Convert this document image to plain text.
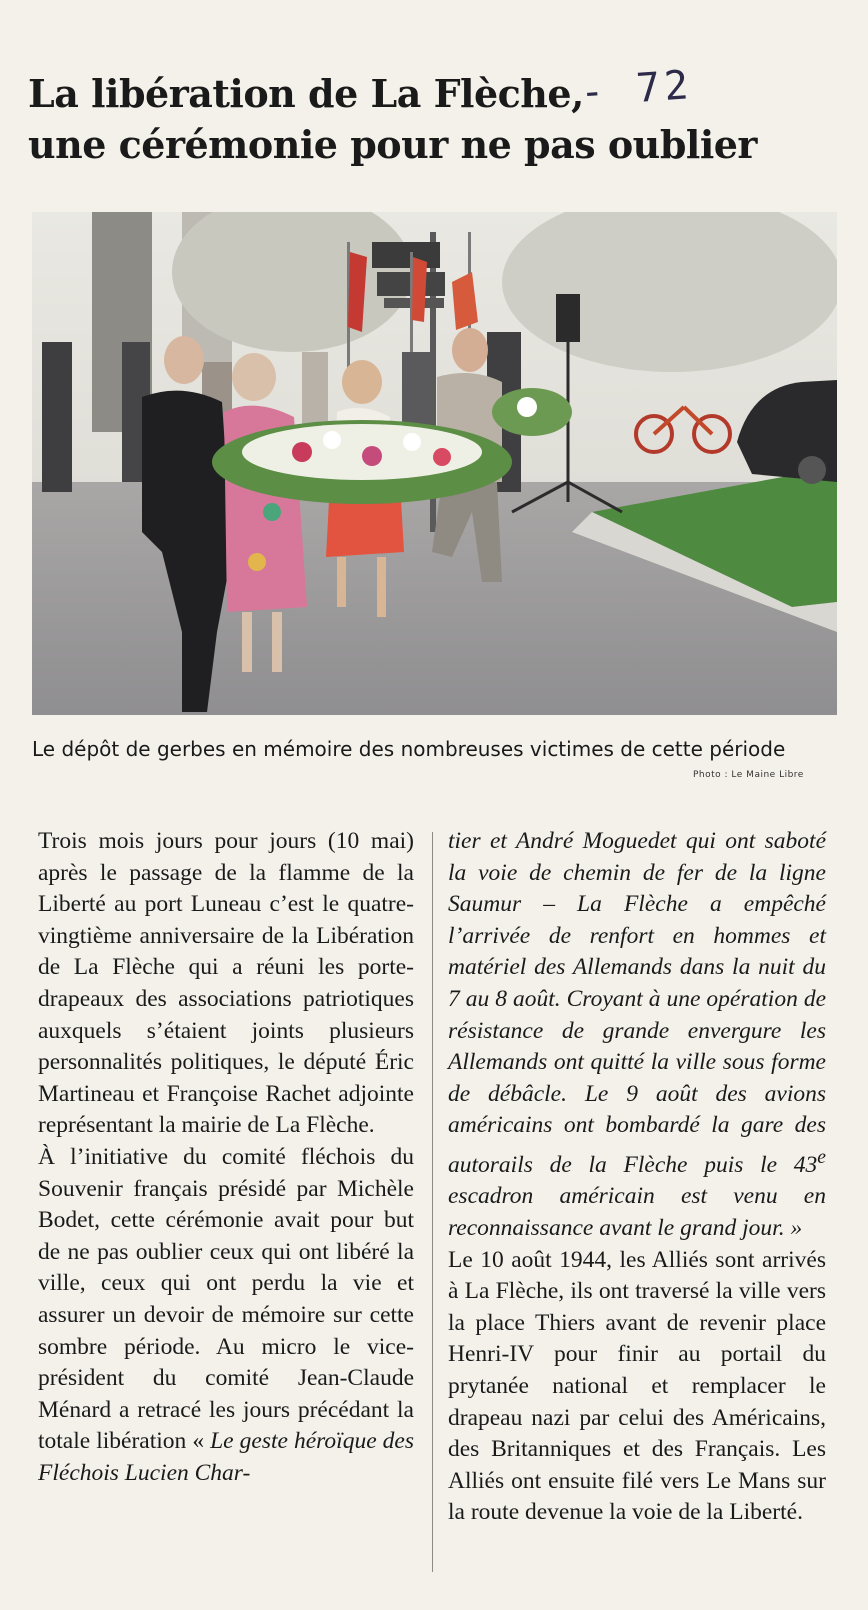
La libération de La Flèche,
une cérémonie pour ne pas oublier
- 72

Le dépôt de gerbes en mémoire des nombreuses victimes de cette période

Photo : Le Maine Libre

Trois mois jours pour jours (10 mai) après le passage de la flamme de la Liberté au port Luneau c’est le quatre-vingtième anniversaire de la Libération de La Flèche qui a réuni les porte-drapeaux des associations patriotiques auxquels s’étaient joints plusieurs personnalités politiques, le député Éric Martineau et Françoise Rachet adjointe représentant la mairie de La Flèche.

À l’initiative du comité fléchois du Souvenir français présidé par Michèle Bodet, cette cérémonie avait pour but de ne pas oublier ceux qui ont libéré la ville, ceux qui ont perdu la vie et assurer un devoir de mémoire sur cette sombre période. Au micro le vice-président du comité Jean-Claude Ménard a retracé les jours précédant la totale libération « Le geste héroïque des Fléchois Lucien Char-

tier et André Moguedet qui ont saboté la voie de chemin de fer de la ligne Saumur – La Flèche a empêché l’arrivée de renfort en hommes et matériel des Allemands dans la nuit du 7 au 8 août. Croyant à une opération de résistance de grande envergure les Allemands ont quitté la ville sous forme de débâcle. Le 9 août des avions américains ont bombardé la gare des autorails de la Flèche puis le 43e escadron américain est venu en reconnaissance avant le grand jour. »

Le 10 août 1944, les Alliés sont arrivés à La Flèche, ils ont traversé la ville vers la place Thiers avant de revenir place Henri-IV pour finir au portail du prytanée national et remplacer le drapeau nazi par celui des Américains, des Britanniques et des Français. Les Alliés ont ensuite filé vers Le Mans sur la route devenue la voie de la Liberté.
